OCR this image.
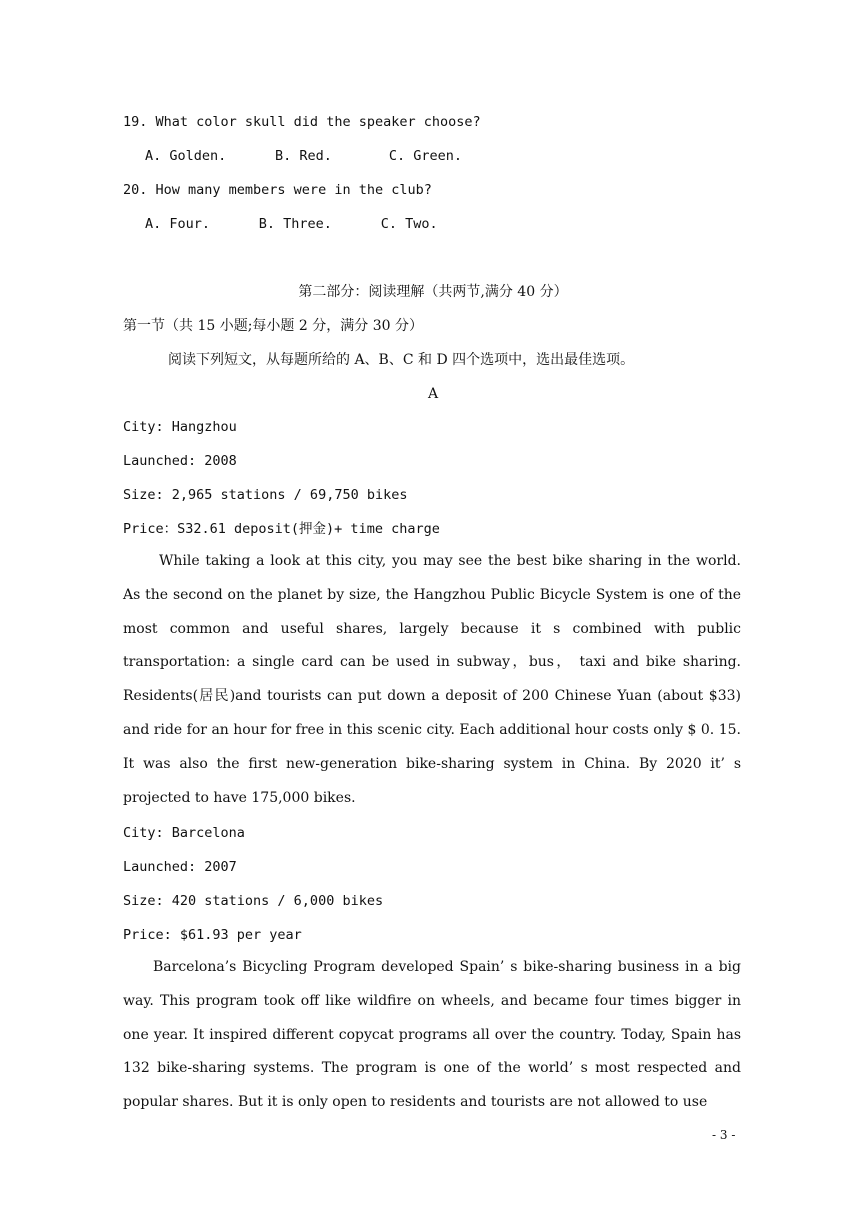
19. What color skull did the speaker choose?
A. Golden.      B. Red.       C. Green.
20. How many members were in the club?
A. Four.      B. Three.      C. Two.
第二部分：阅读理解（共两节,满分 40 分）
第一节（共 15 小题;每小题 2 分，满分 30 分）
阅读下列短文，从每题所给的 A、B、C 和 D 四个选项中，选出最佳选项。
A
City: Hangzhou
Launched: 2008
Size: 2,965 stations / 69,750 bikes
Price：S32.61 deposit(押金)+ time charge
While taking a look at this city, you may see the best bike sharing in the world. As the second on the planet by size, the Hangzhou Public Bicycle System is one of the most common and useful shares, largely because it s combined with public transportation: a single card can be used in subway，bus， taxi and bike sharing. Residents(居民)and tourists can put down a deposit of 200 Chinese Yuan (about $33) and ride for an hour for free in this scenic city. Each additional hour costs only $ 0. 15. It was also the first new-generation bike-sharing system in China. By 2020 it’ s projected to have 175,000 bikes.
City: Barcelona
Launched: 2007
Size: 420 stations / 6,000 bikes
Price: $61.93 per year
Barcelona’s Bicycling Program developed Spain’ s bike-sharing business in a big way. This program took off like wildfire on wheels, and became four times bigger in one year. It inspired different copycat programs all over the country. Today, Spain has 132 bike-sharing systems. The program is one of the world’ s most respected and popular shares. But it is only open to residents and tourists are not allowed to use
- 3 -
